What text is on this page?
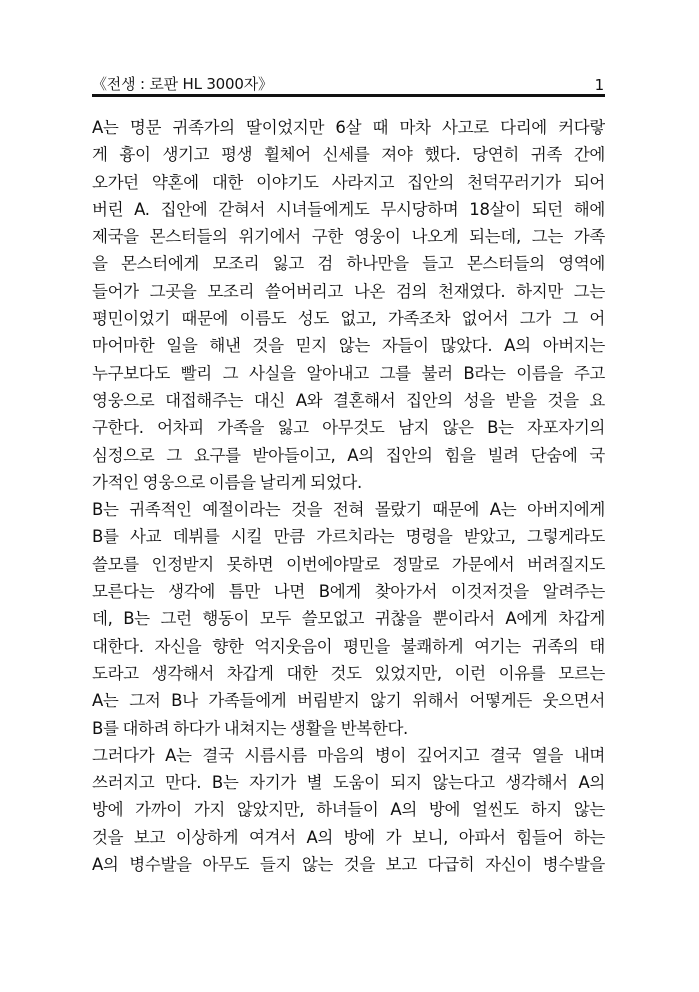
《전생 : 로판 HL 3000자》	1
A는 명문 귀족가의 딸이었지만 6살 때 마차 사고로 다리에 커다랗
게 흉이 생기고 평생 휠체어 신세를 져야 했다. 당연히 귀족 간에
오가던 약혼에 대한 이야기도 사라지고 집안의 천덕꾸러기가 되어
버린 A. 집안에 갇혀서 시녀들에게도 무시당하며 18살이 되던 해에
제국을 몬스터들의 위기에서 구한 영웅이 나오게 되는데, 그는 가족
을 몬스터에게 모조리 잃고 검 하나만을 들고 몬스터들의 영역에
들어가 그곳을 모조리 쓸어버리고 나온 검의 천재였다. 하지만 그는
평민이었기 때문에 이름도 성도 없고, 가족조차 없어서 그가 그 어
마어마한 일을 해낸 것을 믿지 않는 자들이 많았다. A의 아버지는
누구보다도 빨리 그 사실을 알아내고 그를 불러 B라는 이름을 주고
영웅으로 대접해주는 대신 A와 결혼해서 집안의 성을 받을 것을 요
구한다. 어차피 가족을 잃고 아무것도 남지 않은 B는 자포자기의
심정으로 그 요구를 받아들이고, A의 집안의 힘을 빌려 단숨에 국
가적인 영웅으로 이름을 날리게 되었다.
B는 귀족적인 예절이라는 것을 전혀 몰랐기 때문에 A는 아버지에게
B를 사교 데뷔를 시킬 만큼 가르치라는 명령을 받았고, 그렇게라도
쓸모를 인정받지 못하면 이번에야말로 정말로 가문에서 버려질지도
모른다는 생각에 틈만 나면 B에게 찾아가서 이것저것을 알려주는
데, B는 그런 행동이 모두 쓸모없고 귀찮을 뿐이라서 A에게 차갑게
대한다. 자신을 향한 억지웃음이 평민을 불쾌하게 여기는 귀족의 태
도라고 생각해서 차갑게 대한 것도 있었지만, 이런 이유를 모르는
A는 그저 B나 가족들에게 버림받지 않기 위해서 어떻게든 웃으면서
B를 대하려 하다가 내쳐지는 생활을 반복한다.
그러다가 A는 결국 시름시름 마음의 병이 깊어지고 결국 열을 내며
쓰러지고 만다. B는 자기가 별 도움이 되지 않는다고 생각해서 A의
방에 가까이 가지 않았지만, 하녀들이 A의 방에 얼씬도 하지 않는
것을 보고 이상하게 여겨서 A의 방에 가 보니, 아파서 힘들어 하는
A의 병수발을 아무도 들지 않는 것을 보고 다급히 자신이 병수발을
